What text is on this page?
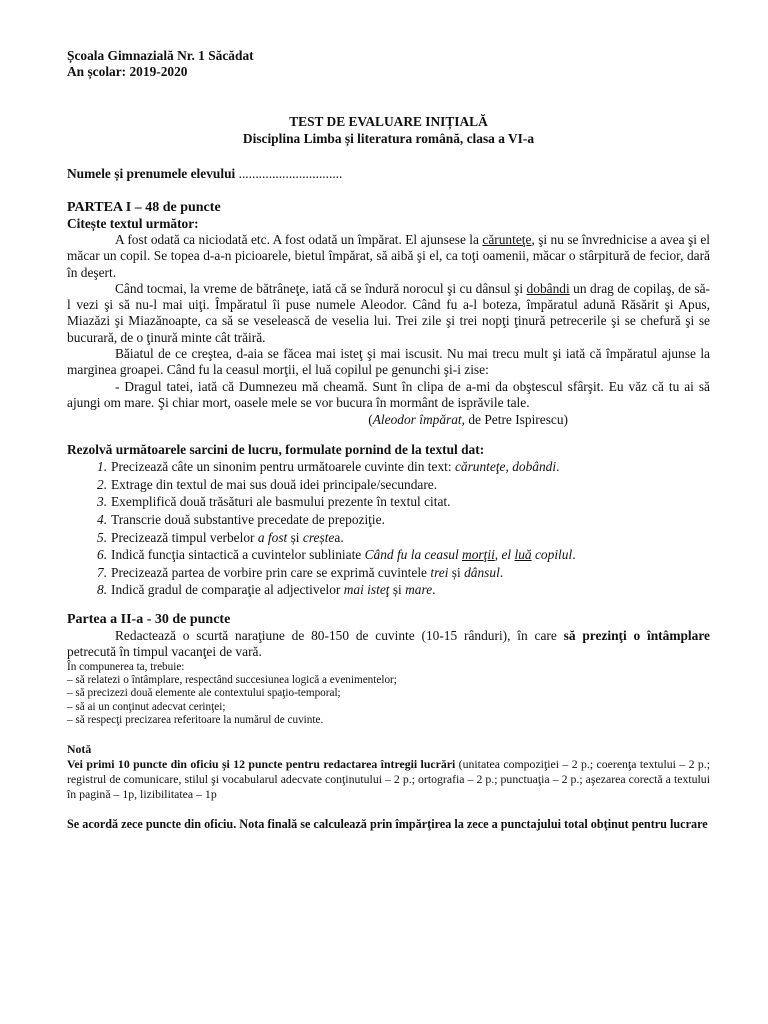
Școala Gimnazială Nr. 1 Săcădat
An școlar: 2019-2020
TEST DE EVALUARE INIȚIALĂ
Disciplina Limba și literatura română, clasa a VI-a
Numele și prenumele elevului ...............................
PARTEA I – 48 de puncte
Citește textul următor:

A fost odată ca niciodată etc. A fost odată un împărat. El ajunsese la cărunteţe, şi nu se învrednicise a avea şi el măcar un copil. Se topea d-a-n picioarele, bietul împărat, să aibă şi el, ca toţi oamenii, măcar o stârpitură de fecior, dară în deşert.

Când tocmai, la vreme de bătrâneţe, iată că se îndură norocul şi cu dânsul şi dobândi un drag de copilaş, de să-l vezi şi să nu-l mai uiţi. Împăratul îi puse numele Aleodor. Când fu a-l boteza, împăratul adună Răsărit şi Apus, Miazăzi şi Miazănoapte, ca să se veselească de veselia lui. Trei zile şi trei nopţi ţinură petrecerile şi se chefură şi se bucurară, de o ţinură minte cât trăiră.

Băiatul de ce creştea, d-aia se făcea mai isteţ şi mai iscusit. Nu mai trecu mult şi iată că împăratul ajunse la marginea groapei. Când fu la ceasul morţii, el luă copilul pe genunchi şi-i zise:

- Dragul tatei, iată că Dumnezeu mă cheamă. Sunt în clipa de a-mi da obştescul sfârşit. Eu văz că tu ai să ajungi om mare. Şi chiar mort, oasele mele se vor bucura în mormânt de isprăvile tale.

(Aleodor împărat, de Petre Ispirescu)
Rezolvă următoarele sarcini de lucru, formulate pornind de la textul dat:
1. Precizează câte un sinonim pentru următoarele cuvinte din text: cărunteţe, dobândi.
2. Extrage din textul de mai sus două idei principale/secundare.
3. Exemplifică două trăsături ale basmului prezente în textul citat.
4. Transcrie două substantive precedate de prepoziţie.
5. Precizează timpul verbelor a fost și creștea.
6. Indică funcţia sintactică a cuvintelor subliniate Când fu la ceasul morţii, el luă copilul.
7. Precizează partea de vorbire prin care se exprimă cuvintele trei și dânsul.
8. Indică gradul de comparaţie al adjectivelor mai isteţ și mare.
Partea a II-a - 30 de puncte

Redactează o scurtă naraţiune de 80-150 de cuvinte (10-15 rânduri), în care să prezinţi o întâmplare petrecută în timpul vacanţei de vară.

În compunerea ta, trebuie:
– să relatezi o întâmplare, respectând succesiunea logică a evenimentelor;
– să precizezi două elemente ale contextului spaţio-temporal;
– să ai un conţinut adecvat cerinţei;
– să respecţi precizarea referitoare la numărul de cuvinte.
Notă
Vei primi 10 puncte din oficiu și 12 puncte pentru redactarea întregii lucrări (unitatea compoziţiei – 2 p.; coerenţa textului – 2 p.; registrul de comunicare, stilul şi vocabularul adecvate conţinutului – 2 p.; ortografia – 2 p.; punctuaţia – 2 p.; aşezarea corectă a textului în pagină – 1p, lizibilitatea – 1p
Se acordă zece puncte din oficiu. Nota finală se calculează prin împărţirea la zece a punctajului total obţinut pentru lucrare
